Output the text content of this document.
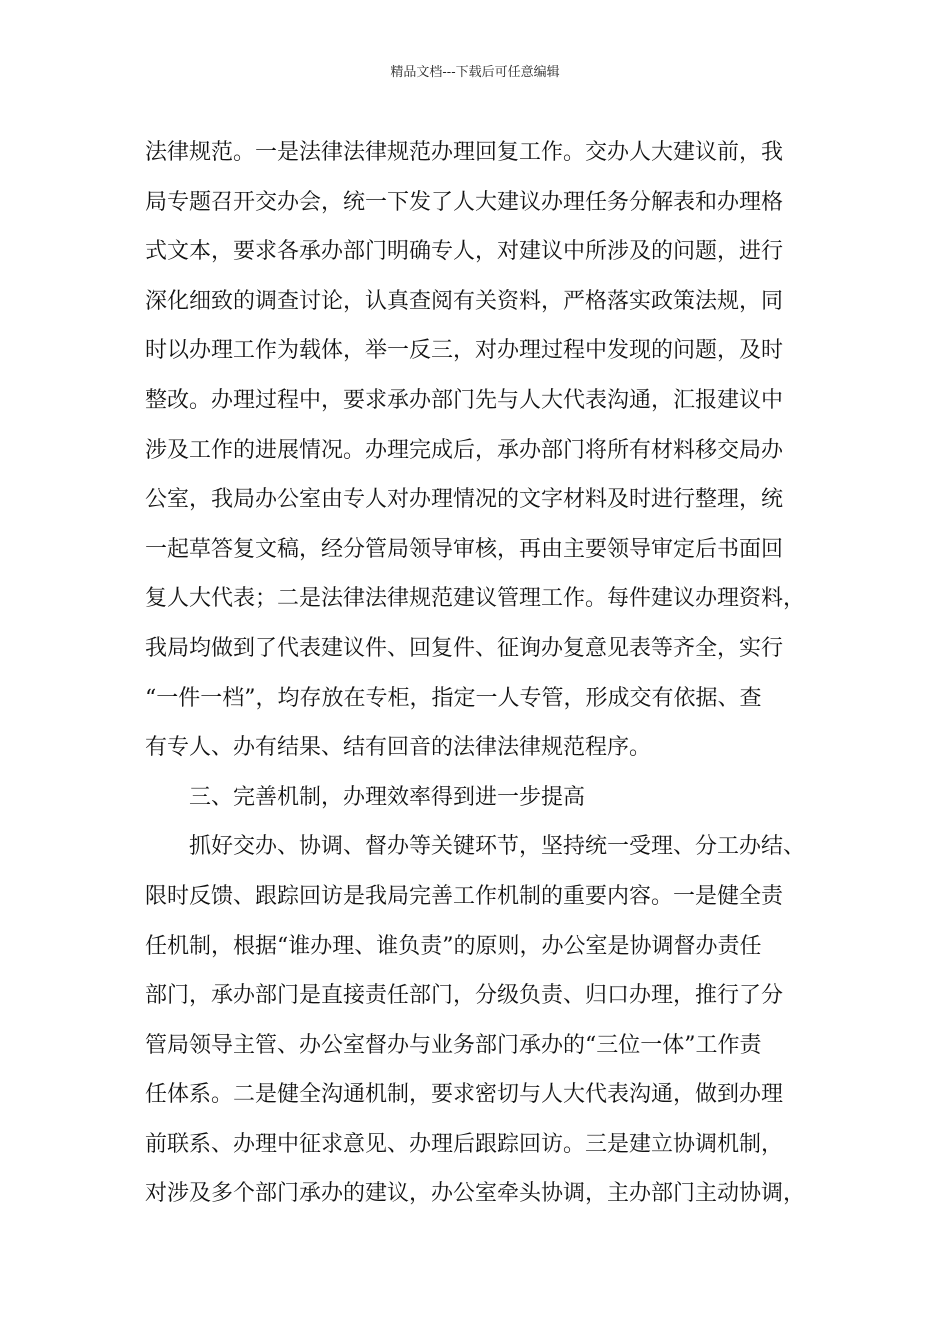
精品文档---下载后可任意编辑
法律规范。一是法律法律规范办理回复工作。交办人大建议前，我
局专题召开交办会，统一下发了人大建议办理任务分解表和办理格
式文本，要求各承办部门明确专人，对建议中所涉及的问题，进行
深化细致的调查讨论，认真查阅有关资料，严格落实政策法规，同
时以办理工作为载体，举一反三，对办理过程中发现的问题，及时
整改。办理过程中，要求承办部门先与人大代表沟通，汇报建议中
涉及工作的进展情况。办理完成后，承办部门将所有材料移交局办
公室，我局办公室由专人对办理情况的文字材料及时进行整理，统
一起草答复文稿，经分管局领导审核，再由主要领导审定后书面回
复人大代表；二是法律法律规范建议管理工作。每件建议办理资料，
我局均做到了代表建议件、回复件、征询办复意见表等齐全，实行
“一件一档”，均存放在专柜，指定一人专管，形成交有依据、查
有专人、办有结果、结有回音的法律法律规范程序。
三、完善机制，办理效率得到进一步提高
抓好交办、协调、督办等关键环节，坚持统一受理、分工办结、
限时反馈、跟踪回访是我局完善工作机制的重要内容。一是健全责
任机制，根据“谁办理、谁负责”的原则，办公室是协调督办责任
部门，承办部门是直接责任部门，分级负责、归口办理，推行了分
管局领导主管、办公室督办与业务部门承办的“三位一体”工作责
任体系。二是健全沟通机制，要求密切与人大代表沟通，做到办理
前联系、办理中征求意见、办理后跟踪回访。三是建立协调机制，
对涉及多个部门承办的建议，办公室牵头协调，主办部门主动协调，
